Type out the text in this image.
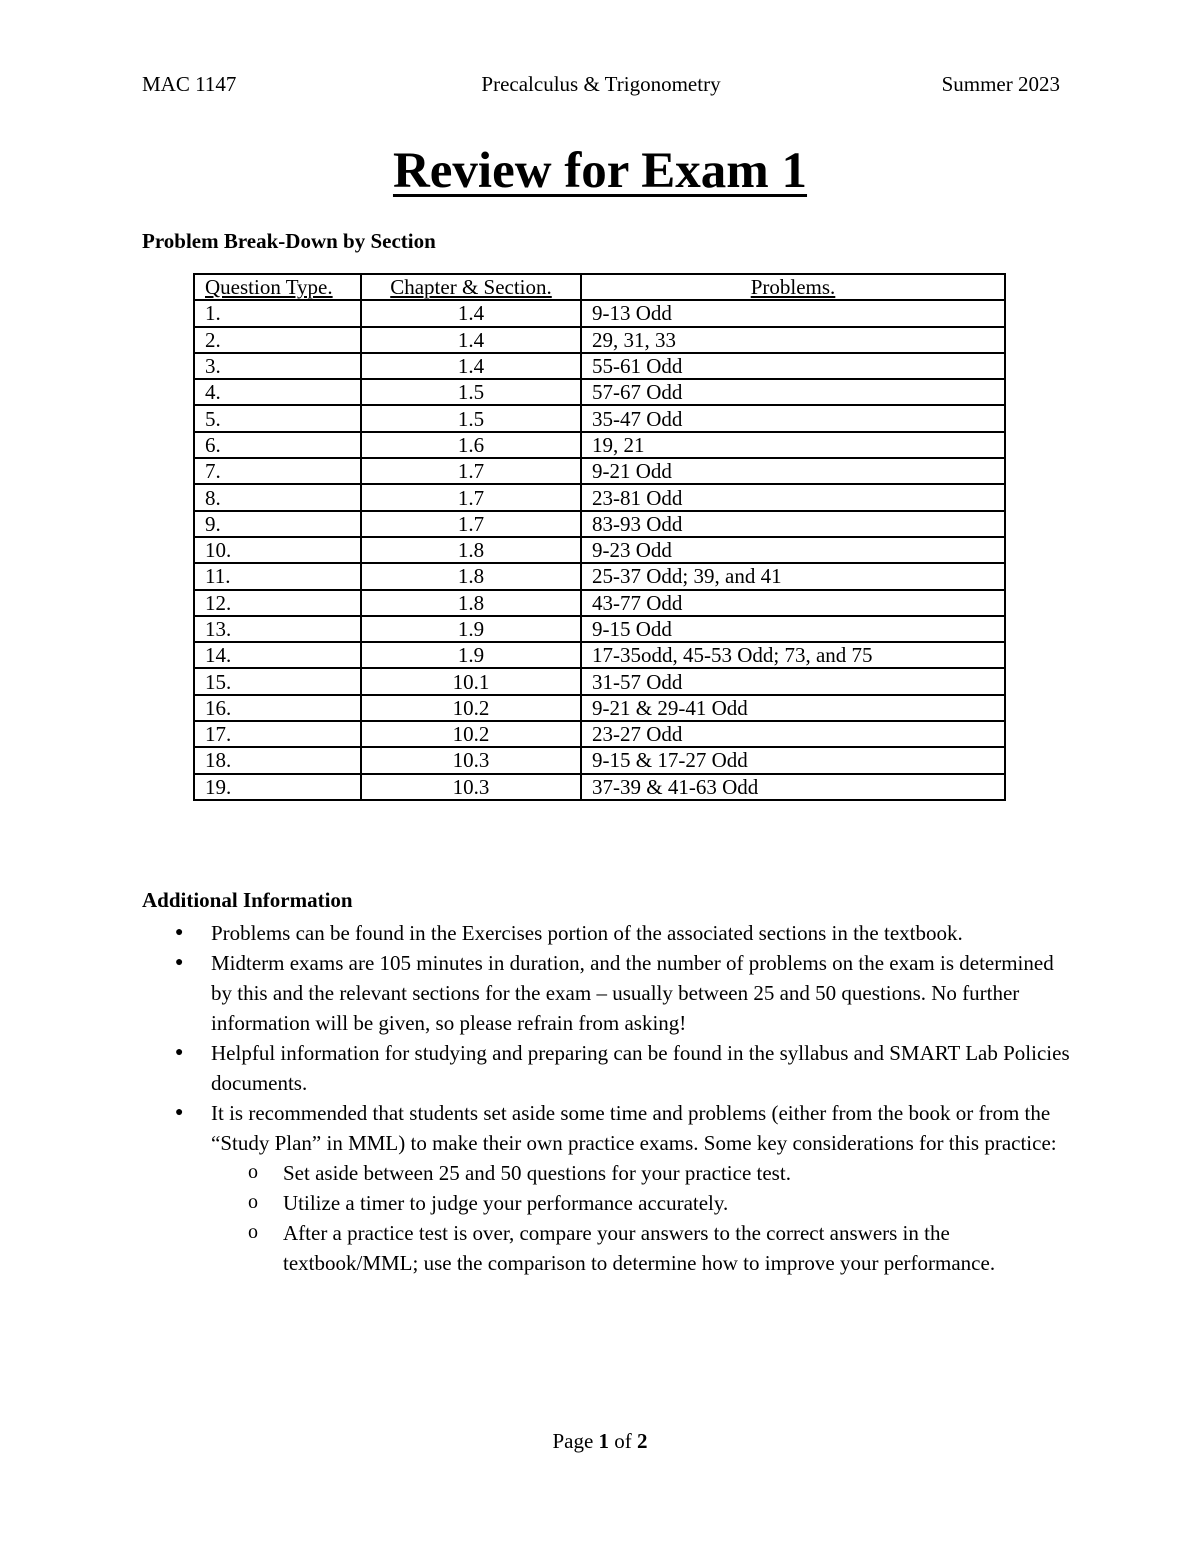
MAC 1147	Precalculus & Trigonometry	Summer 2023
Review for Exam 1
Problem Break-Down by Section
Question Type.	Chapter & Section.	Problems.
1.	1.4	9-13 Odd
2.	1.4	29, 31, 33
3.	1.4	55-61 Odd
4.	1.5	57-67 Odd
5.	1.5	35-47 Odd
6.	1.6	19, 21
7.	1.7	9-21 Odd
8.	1.7	23-81 Odd
9.	1.7	83-93 Odd
10.	1.8	9-23 Odd
11.	1.8	25-37 Odd; 39, and 41
12.	1.8	43-77 Odd
13.	1.9	9-15 Odd
14.	1.9	17-35odd, 45-53 Odd; 73, and 75
15.	10.1	31-57 Odd
16.	10.2	9-21 & 29-41 Odd
17.	10.2	23-27 Odd
18.	10.3	9-15 & 17-27 Odd
19.	10.3	37-39 & 41-63 Odd
Additional Information
● Problems can be found in the Exercises portion of the associated sections in the textbook.
● Midterm exams are 105 minutes in duration, and the number of problems on the exam is determined by this and the relevant sections for the exam – usually between 25 and 50 questions. No further information will be given, so please refrain from asking!
● Helpful information for studying and preparing can be found in the syllabus and SMART Lab Policies documents.
● It is recommended that students set aside some time and problems (either from the book or from the “Study Plan” in MML) to make their own practice exams. Some key considerations for this practice:
o Set aside between 25 and 50 questions for your practice test.
o Utilize a timer to judge your performance accurately.
o After a practice test is over, compare your answers to the correct answers in the textbook/MML; use the comparison to determine how to improve your performance.
Page 1 of 2
